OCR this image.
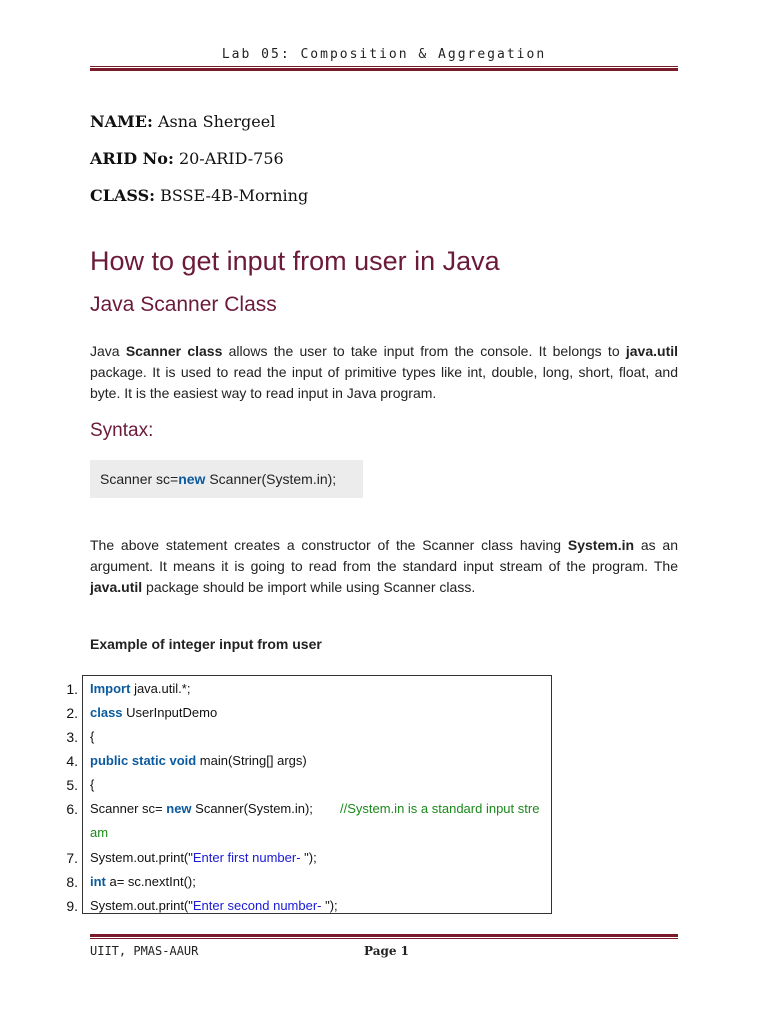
Lab 05: Composition & Aggregation
NAME: Asna Shergeel
ARID No: 20-ARID-756
CLASS: BSSE-4B-Morning
How to get input from user in Java
Java Scanner Class
Java Scanner class allows the user to take input from the console. It belongs to java.util package. It is used to read the input of primitive types like int, double, long, short, float, and byte. It is the easiest way to read input in Java program.
Syntax:
Scanner sc=new Scanner(System.in);
The above statement creates a constructor of the Scanner class having System.in as an argument. It means it is going to read from the standard input stream of the program. The java.util package should be import while using Scanner class.
Example of integer input from user
1. Import java.util.*;
2. class UserInputDemo
3. {
4. public static void main(String[] args)
5. {
6. Scanner sc= new Scanner(System.in); //System.in is a standard input stre
am
7. System.out.print("Enter first number- ");
8. int a= sc.nextInt();
9. System.out.print("Enter second number- ");
UIIT, PMAS-AAUR	Page 1
